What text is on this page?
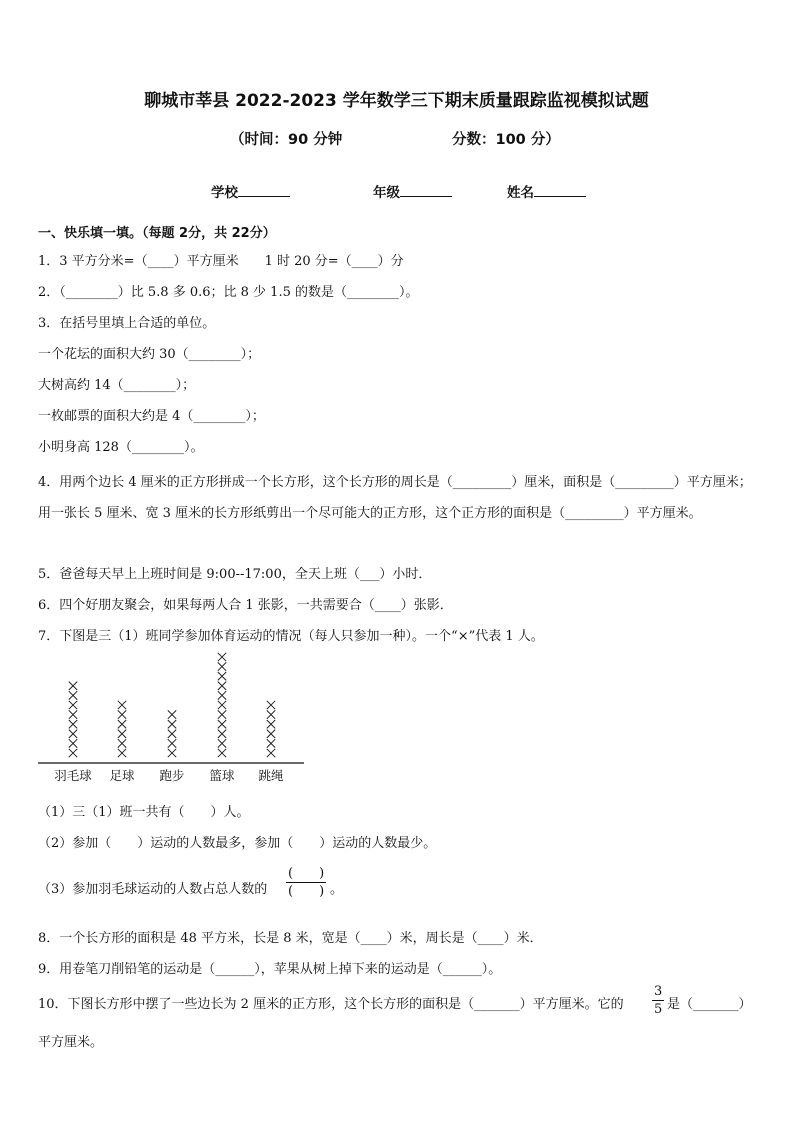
聊城市莘县 2022-2023 学年数学三下期末质量跟踪监视模拟试题
（时间：90 分钟	分数：100 分）
学校	年级	姓名
一、快乐填一填。（每题 2分，共 22分）
1．3 平方分米=（____）平方厘米　　1 时 20 分=（____）分
2．（________）比 5.8 多 0.6；比 8 少 1.5 的数是（________）。
3．在括号里填上合适的单位。
一个花坛的面积大约 30（________）；
大树高约 14（________）；
一枚邮票的面积大约是 4（________）；
小明身高 128（________）。
4．用两个边长 4 厘米的正方形拼成一个长方形，这个长方形的周长是（_________）厘米，面积是（_________）平方厘米；用一张长 5 厘米、宽 3 厘米的长方形纸剪出一个尽可能大的正方形，这个正方形的面积是（_________）平方厘米。
5．爸爸每天早上上班时间是 9:00--17:00，全天上班（___）小时．
6．四个好朋友聚会，如果每两人合 1 张影，一共需要合（____）张影．
7．下图是三（1）班同学参加体育运动的情况（每人只参加一种）。一个“×”代表 1 人。
羽毛球 足球 跑步 篮球 跳绳
（1）三（1）班一共有（　　）人。
（2）参加（　　）运动的人数最多，参加（　　）运动的人数最少。
（3）参加羽毛球运动的人数占总人数的
(　　)
(　　) 。
8．一个长方形的面积是 48 平方米，长是 8 米，宽是（____）米，周长是（____）米．
9．用卷笔刀削铅笔的运动是（______），苹果从树上掉下来的运动是（______）。
10．下图长方形中摆了一些边长为 2 厘米的正方形，这个长方形的面积是（_______）平方厘米。它的 $\frac{3}{5}$ 是（_______）
平方厘米。
